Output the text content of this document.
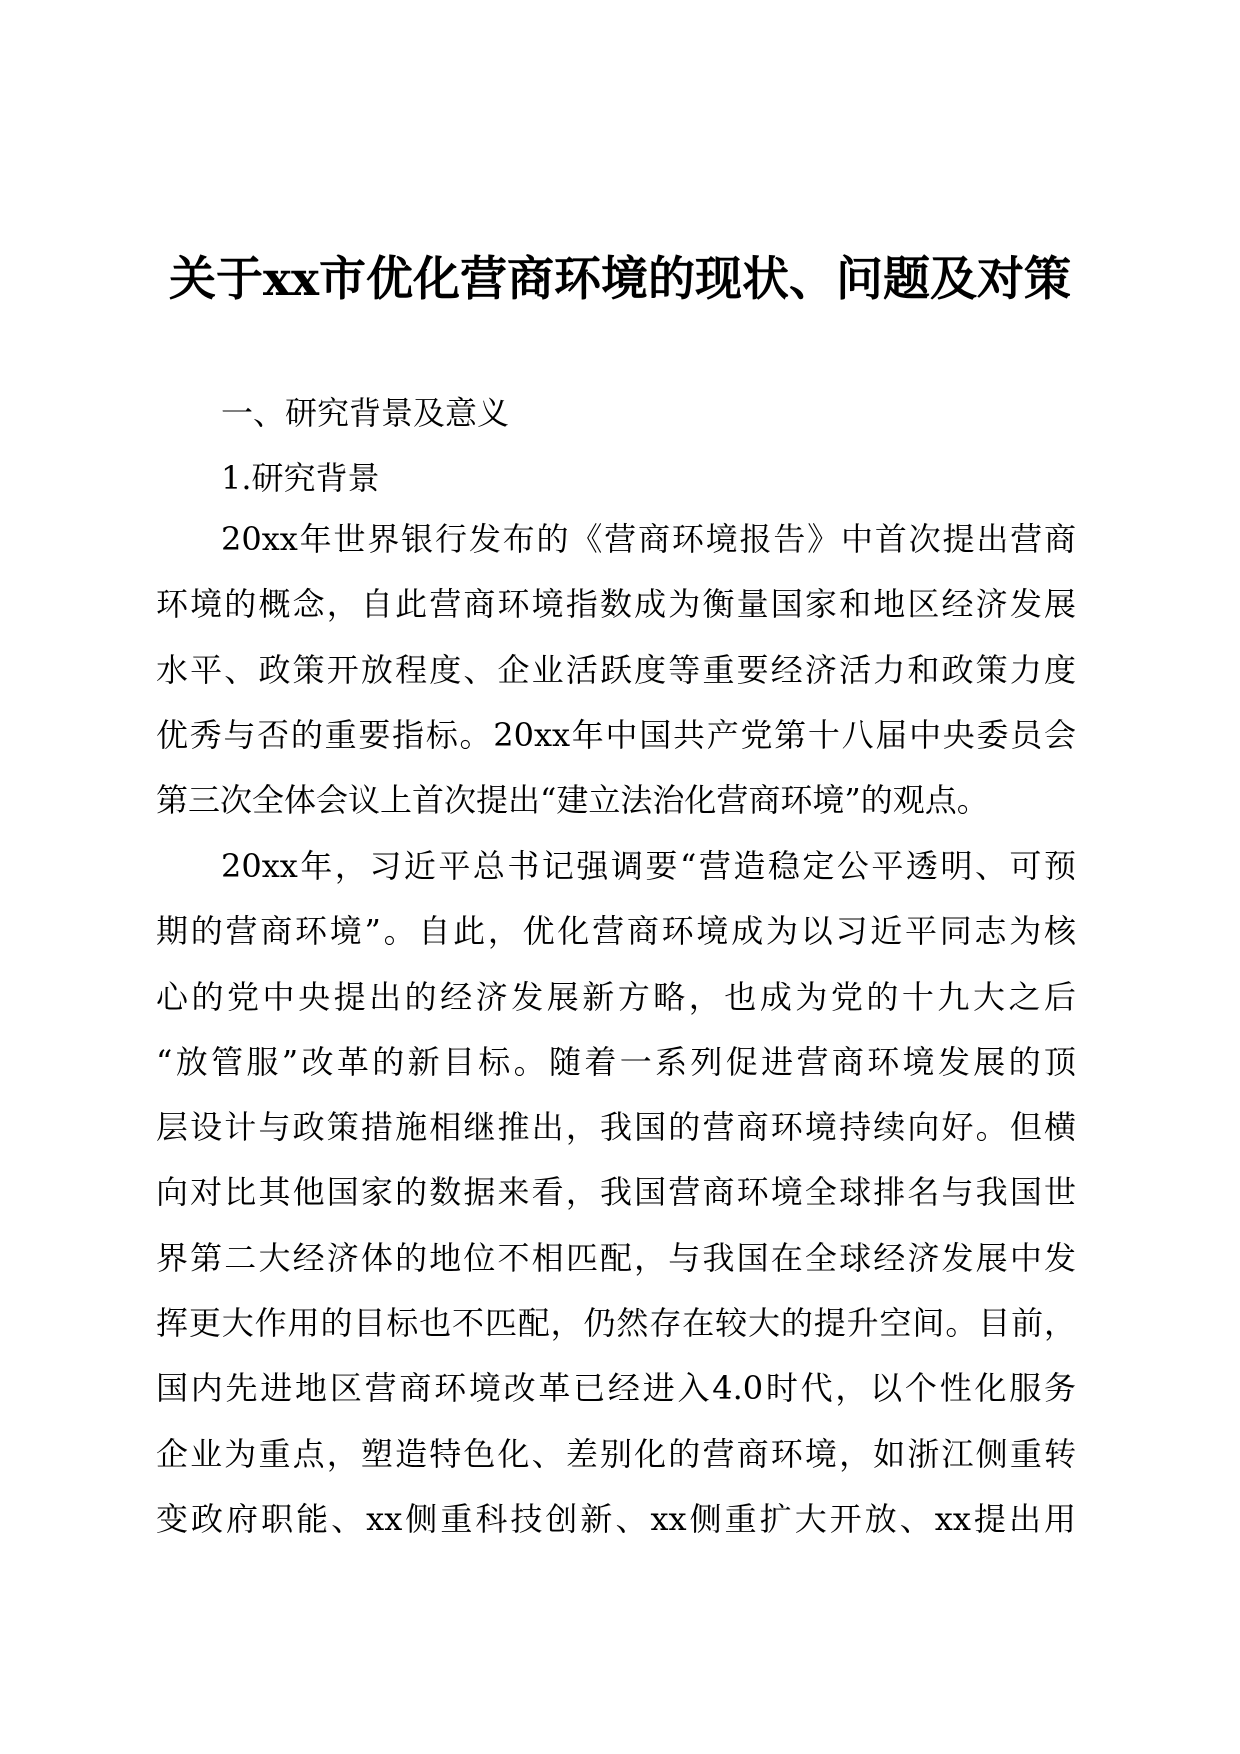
关于xx市优化营商环境的现状、问题及对策
一、研究背景及意义
1.研究背景
20xx年世界银行发布的《营商环境报告》中首次提出营商
环境的概念，自此营商环境指数成为衡量国家和地区经济发展
水平、政策开放程度、企业活跃度等重要经济活力和政策力度
优秀与否的重要指标。20xx年中国共产党第十八届中央委员会
第三次全体会议上首次提出“建立法治化营商环境”的观点。
20xx年，习近平总书记强调要“营造稳定公平透明、可预
期的营商环境”。自此，优化营商环境成为以习近平同志为核
心的党中央提出的经济发展新方略，也成为党的十九大之后
“放管服”改革的新目标。随着一系列促进营商环境发展的顶
层设计与政策措施相继推出，我国的营商环境持续向好。但横
向对比其他国家的数据来看，我国营商环境全球排名与我国世
界第二大经济体的地位不相匹配，与我国在全球经济发展中发
挥更大作用的目标也不匹配，仍然存在较大的提升空间。目前，
国内先进地区营商环境改革已经进入4.0时代，以个性化服务
企业为重点，塑造特色化、差别化的营商环境，如浙江侧重转
变政府职能、xx侧重科技创新、xx侧重扩大开放、xx提出用
